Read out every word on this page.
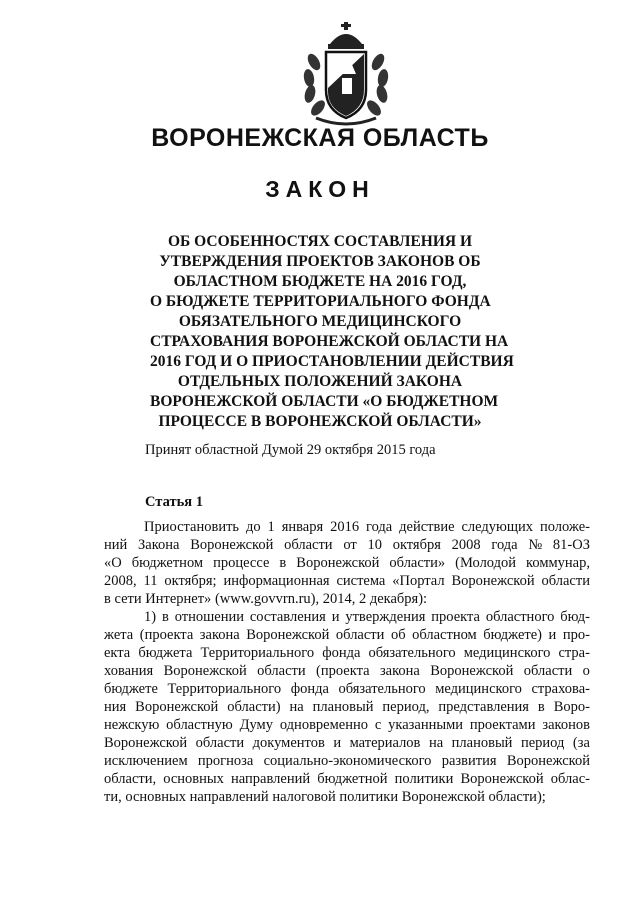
ВОРОНЕЖСКАЯ ОБЛАСТЬ
ЗАКОН
ОБ ОСОБЕННОСТЯХ СОСТАВЛЕНИЯ И
УТВЕРЖДЕНИЯ ПРОЕКТОВ ЗАКОНОВ ОБ
ОБЛАСТНОМ БЮДЖЕТЕ НА 2016 ГОД,
О БЮДЖЕТЕ ТЕРРИТОРИАЛЬНОГО ФОНДА
ОБЯЗАТЕЛЬНОГО МЕДИЦИНСКОГО
СТРАХОВАНИЯ ВОРОНЕЖСКОЙ ОБЛАСТИ НА
2016 ГОД И О ПРИОСТАНОВЛЕНИИ ДЕЙСТВИЯ
ОТДЕЛЬНЫХ ПОЛОЖЕНИЙ ЗАКОНА
ВОРОНЕЖСКОЙ ОБЛАСТИ «О БЮДЖЕТНОМ
ПРОЦЕССЕ В ВОРОНЕЖСКОЙ ОБЛАСТИ»
Принят областной Думой 29 октября 2015 года
Статья 1
Приостановить до 1 января 2016 года действие следующих положе-
ний Закона Воронежской области от 10 октября 2008 года № 81-ОЗ
«О бюджетном процессе в Воронежской области» (Молодой коммунар,
2008, 11 октября; информационная система «Портал Воронежской области
в сети Интернет» (www.govvrn.ru), 2014, 2 декабря):
1) в отношении составления и утверждения проекта областного бюд-
жета (проекта закона Воронежской области об областном бюджете) и про-
екта бюджета Территориального фонда обязательного медицинского стра-
хования Воронежской области (проекта закона Воронежской области о
бюджете Территориального фонда обязательного медицинского страхова-
ния Воронежской области) на плановый период, представления в Воро-
нежскую областную Думу одновременно с указанными проектами законов
Воронежской области документов и материалов на плановый период (за
исключением прогноза социально-экономического развития Воронежской
области, основных направлений бюджетной политики Воронежской облас-
ти, основных направлений налоговой политики Воронежской области);
